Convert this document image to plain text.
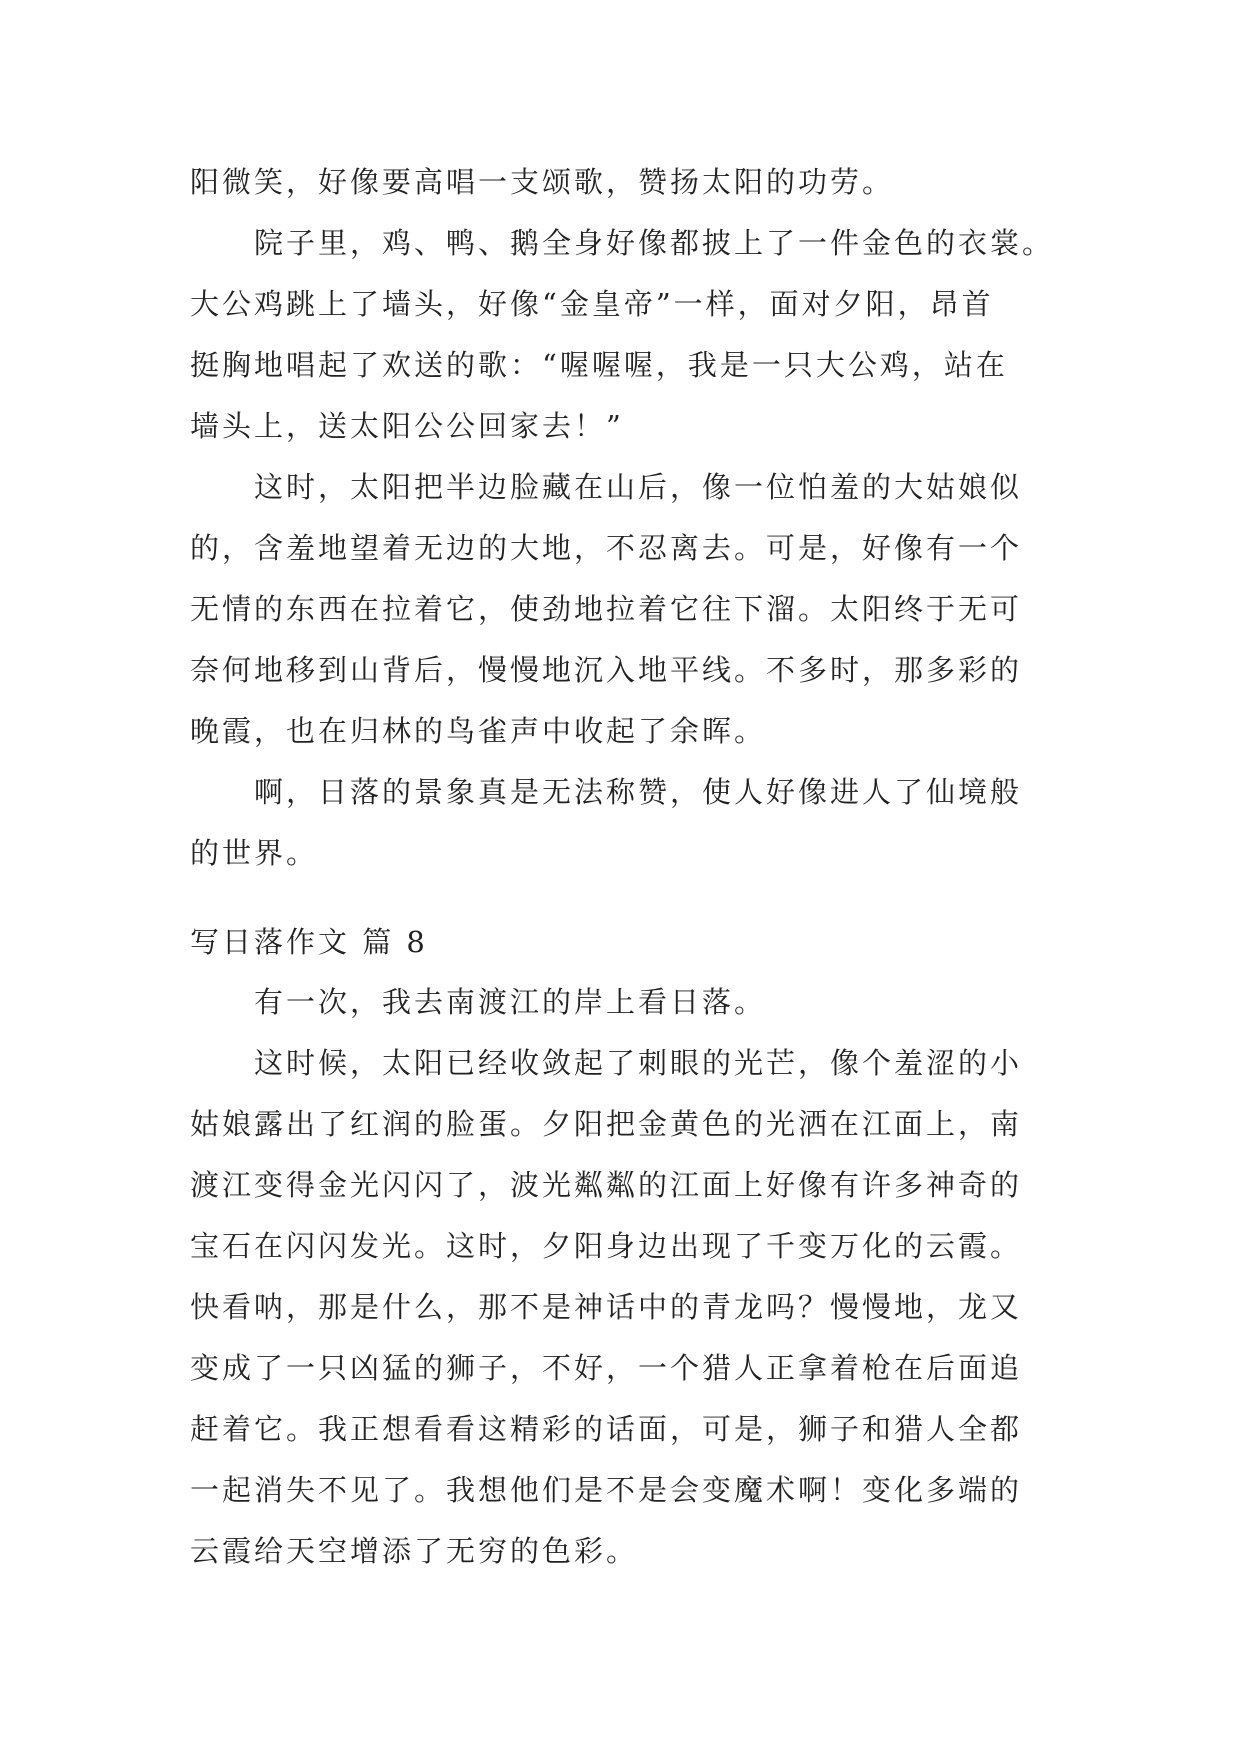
阳微笑，好像要高唱一支颂歌，赞扬太阳的功劳。
院子里，鸡、鸭、鹅全身好像都披上了一件金色的衣裳。
大公鸡跳上了墙头，好像“金皇帝”一样，面对夕阳，昂首
挺胸地唱起了欢送的歌：“喔喔喔，我是一只大公鸡，站在
墙头上，送太阳公公回家去！”
这时，太阳把半边脸藏在山后，像一位怕羞的大姑娘似
的，含羞地望着无边的大地，不忍离去。可是，好像有一个
无情的东西在拉着它，使劲地拉着它往下溜。太阳终于无可
奈何地移到山背后，慢慢地沉入地平线。不多时，那多彩的
晚霞，也在归林的鸟雀声中收起了余晖。
啊，日落的景象真是无法称赞，使人好像进人了仙境般
的世界。
写日落作文 篇 8
有一次，我去南渡江的岸上看日落。
这时候，太阳已经收敛起了刺眼的光芒，像个羞涩的小
姑娘露出了红润的脸蛋。夕阳把金黄色的光洒在江面上，南
渡江变得金光闪闪了，波光粼粼的江面上好像有许多神奇的
宝石在闪闪发光。这时，夕阳身边出现了千变万化的云霞。
快看呐，那是什么，那不是神话中的青龙吗？慢慢地，龙又
变成了一只凶猛的狮子，不好，一个猎人正拿着枪在后面追
赶着它。我正想看看这精彩的话面，可是，狮子和猎人全都
一起消失不见了。我想他们是不是会变魔术啊！变化多端的
云霞给天空增添了无穷的色彩。
